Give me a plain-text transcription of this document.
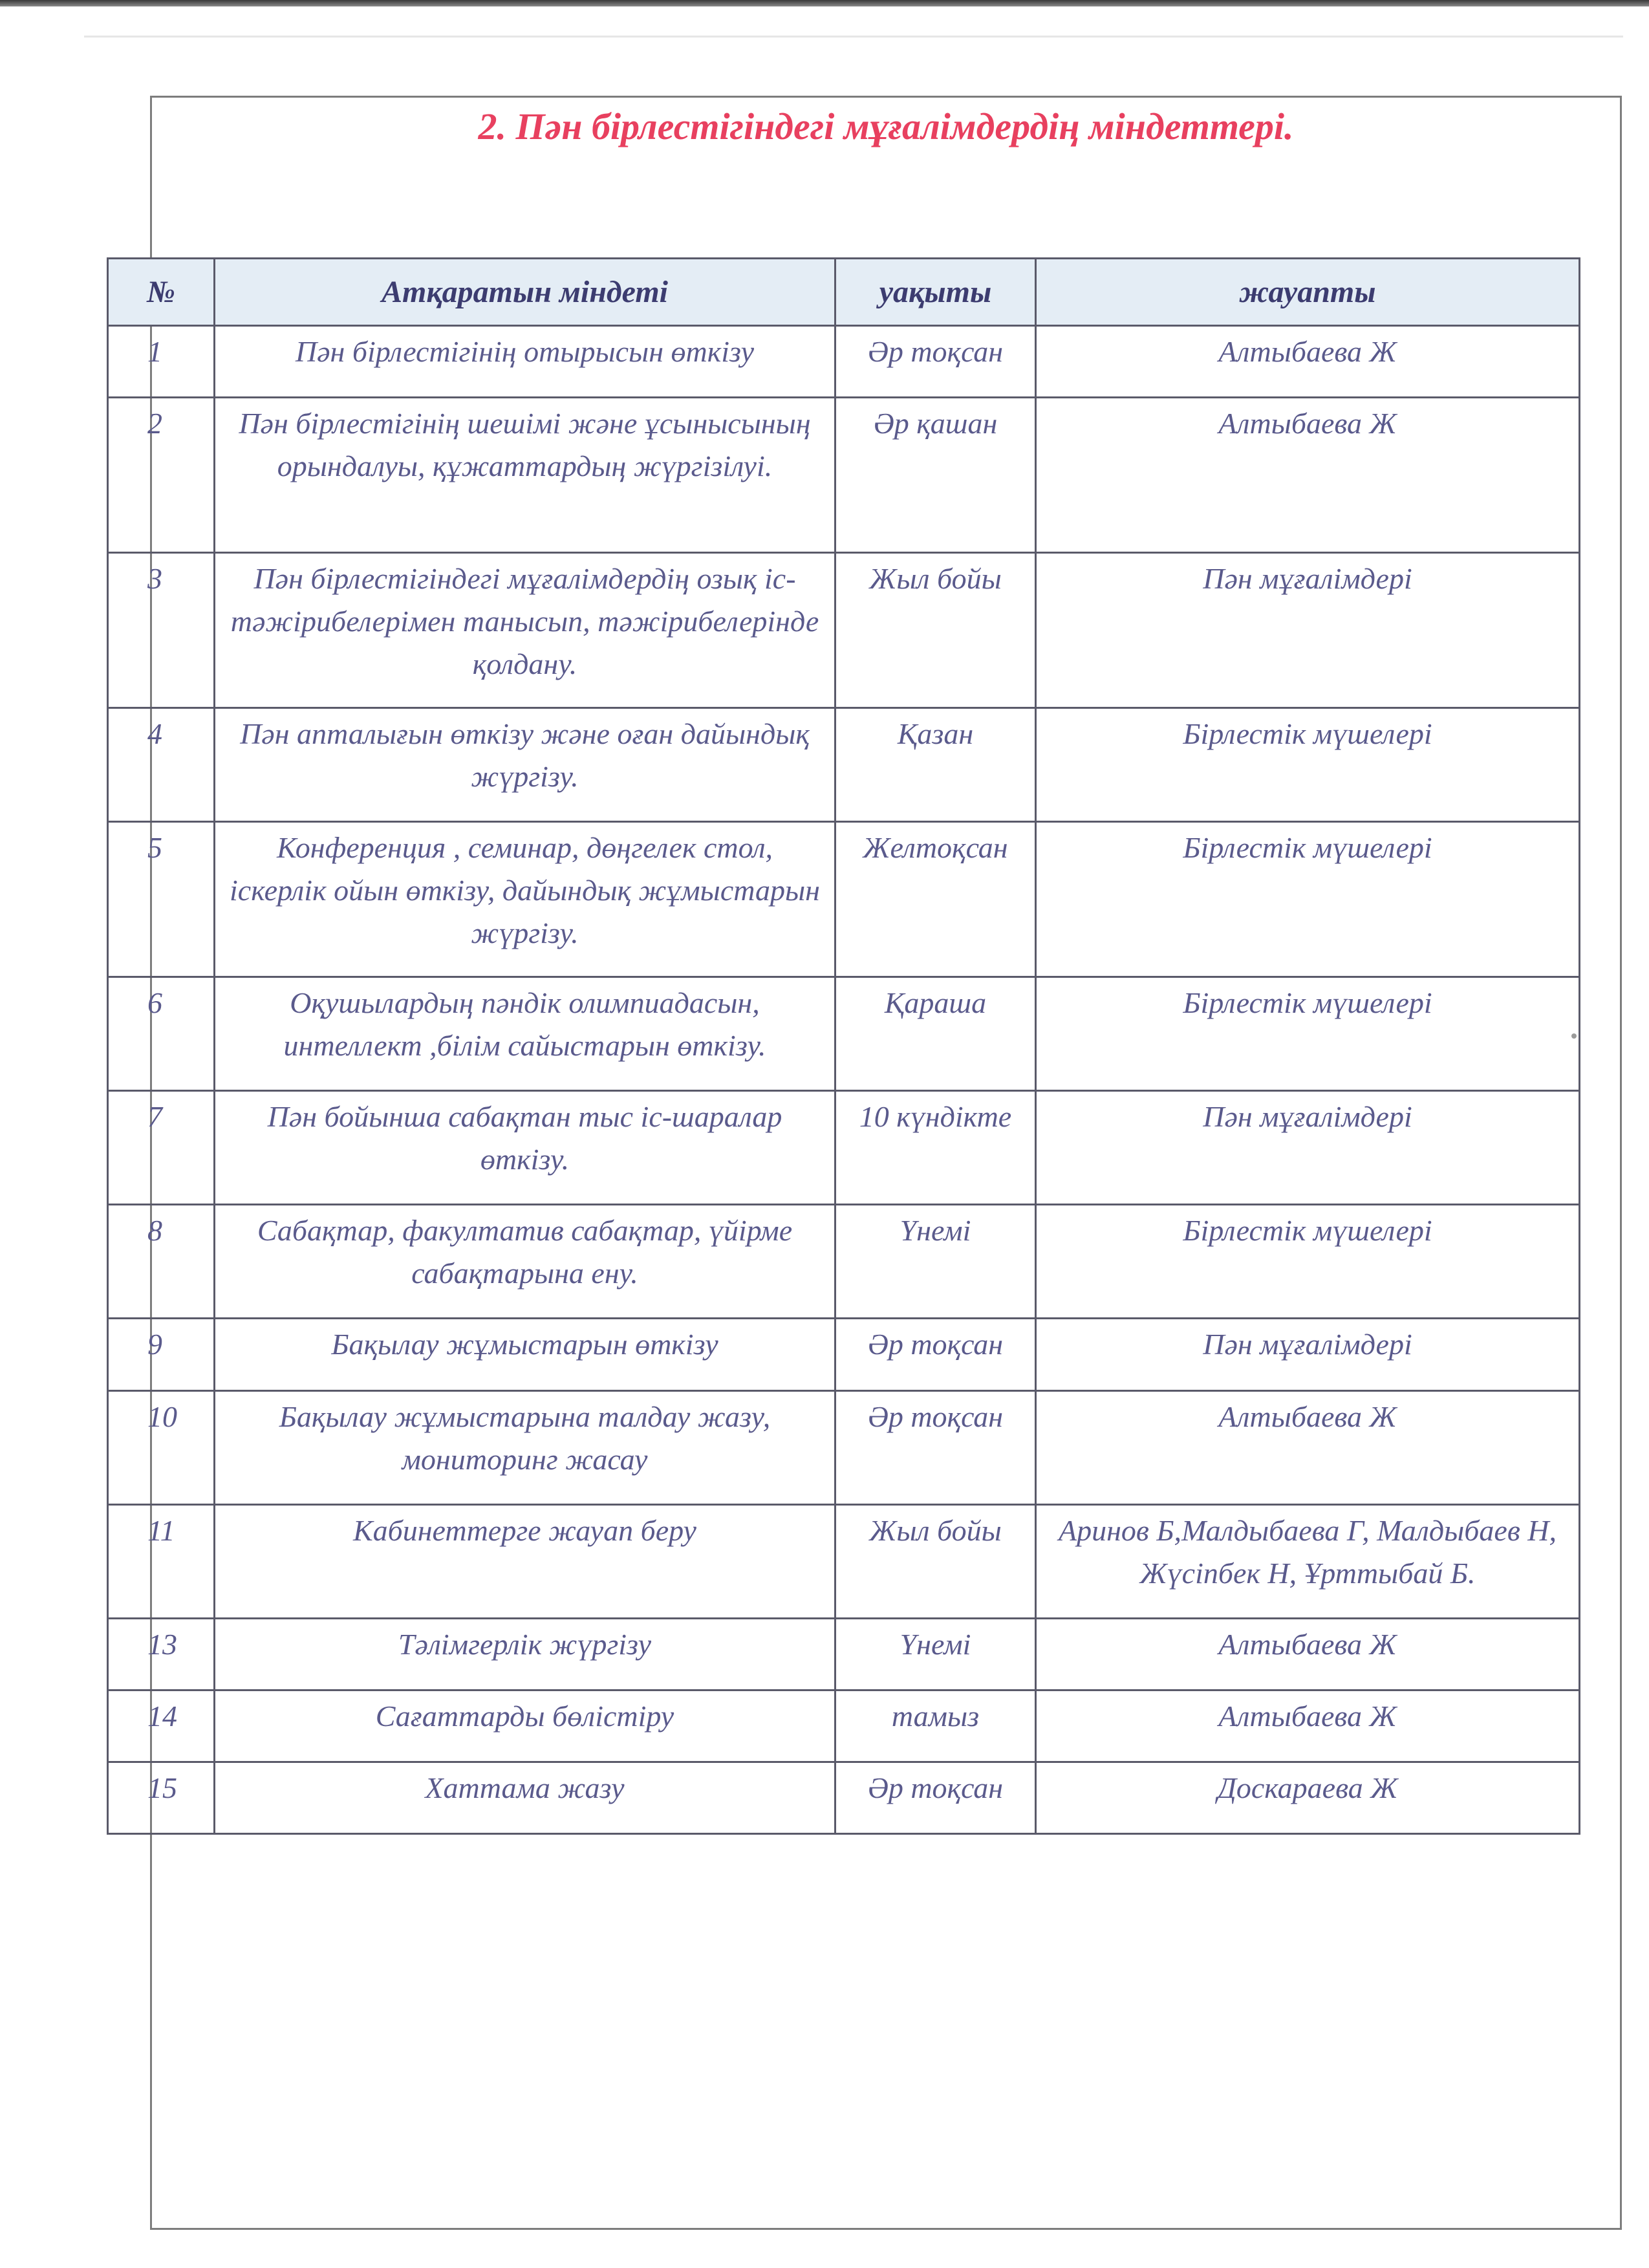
2. Пән бірлестігіндегі мұғалімдердің міндеттері.
№	Атқаратын міндеті	уақыты	жауапты
1	Пән бірлестігінің отырысын өткізу	Әр тоқсан	Алтыбаева Ж
2	Пән бірлестігінің шешімі және ұсынысының орындалуы, құжаттардың жүргізілуі.	Әр қашан	Алтыбаева Ж
3	Пән бірлестігіндегі мұғалімдердің озық іс-тәжірибелерімен танысып, тәжірибелерінде қолдану.	Жыл бойы	Пән мұғалімдері
4	Пән апталығын өткізу және оған дайындық жүргізу.	Қазан	Бірлестік мүшелері
5	Конференция , семинар, дөңгелек стол, іскерлік ойын өткізу, дайындық жұмыстарын жүргізу.	Желтоқсан	Бірлестік мүшелері
6	Оқушылардың пәндік олимпиадасын, интеллект ,білім сайыстарын өткізу.	Қараша	Бірлестік мүшелері
7	Пән бойынша сабақтан тыс іс-шаралар өткізу.	10 күндікте	Пән мұғалімдері
8	Сабақтар, факултатив сабақтар, үйірме сабақтарына ену.	Үнемі	Бірлестік мүшелері
9	Бақылау жұмыстарын өткізу	Әр тоқсан	Пән мұғалімдері
10	Бақылау жұмыстарына талдау жазу, мониторинг жасау	Әр тоқсан	Алтыбаева Ж
11	Кабинеттерге жауап беру	Жыл бойы	Аринов Б,Малдыбаева Г, Малдыбаев Н, Жүсіпбек Н, Ұрттыбай Б.
13	Тәлімгерлік жүргізу	Үнемі	Алтыбаева Ж
14	Сағаттарды бөлістіру	тамыз	Алтыбаева Ж
15	Хаттама жазу	Әр тоқсан	Доскараева Ж
